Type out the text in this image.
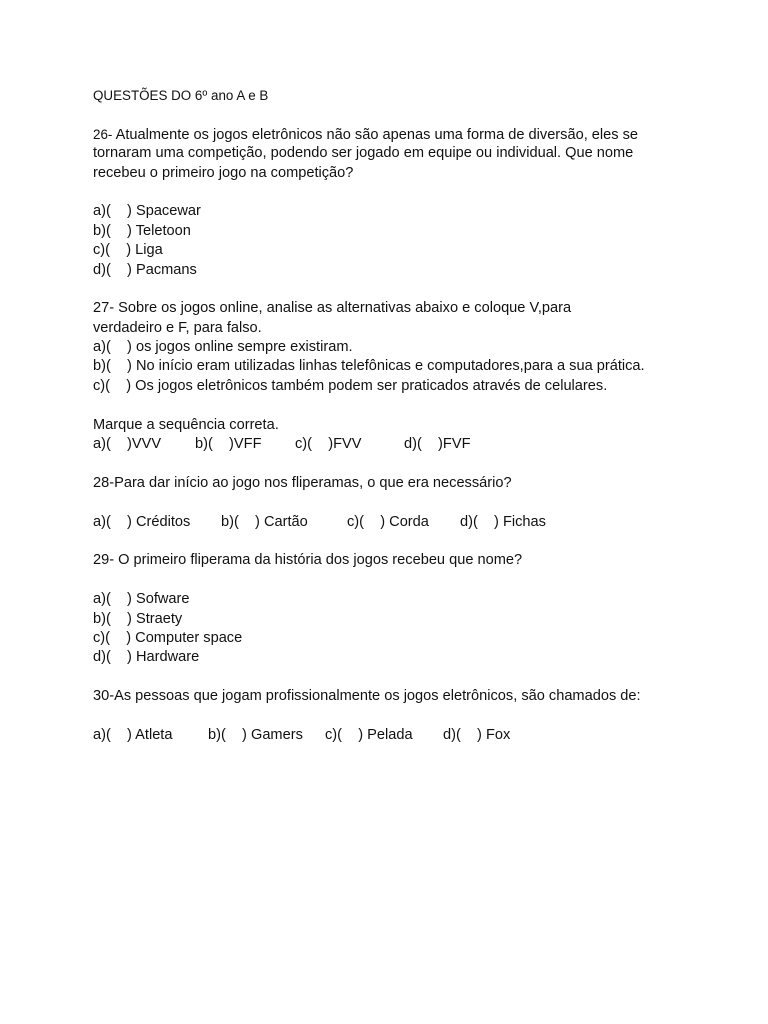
QUESTÕES DO 6º ano A e B
26- Atualmente os jogos eletrônicos não são apenas uma forma de diversão, eles se
tornaram uma competição, podendo ser jogado em equipe ou individual. Que nome
recebeu o primeiro jogo na competição?
a)(    ) Spacewar
b)(    ) Teletoon
c)(    ) Liga
d)(    ) Pacmans
27- Sobre os jogos online, analise as alternativas abaixo e coloque V,para
verdadeiro e F, para falso.
a)(    ) os jogos online sempre existiram.
b)(    ) No início eram utilizadas linhas telefônicas e computadores,para a sua prática.
c)(    ) Os jogos eletrônicos também podem ser praticados através de celulares.
Marque a sequência correta.
a)(    )VVV b)(    )VFF c)(    )FVV	d)(    )FVF
28-Para dar início ao jogo nos fliperamas, o que era necessário?
a)(    ) Créditos b)(    ) Cartão	c)(    ) Corda d)(    ) Fichas
29- O primeiro fliperama da história dos jogos recebeu que nome?
a)(    ) Sofware
b)(    ) Straety
c)(    ) Computer space
d)(    ) Hardware
30-As pessoas que jogam profissionalmente os jogos eletrônicos, são chamados de:
a)(    ) Atleta b)(    ) Gamers c)(    ) Pelada d)(    ) Fox
